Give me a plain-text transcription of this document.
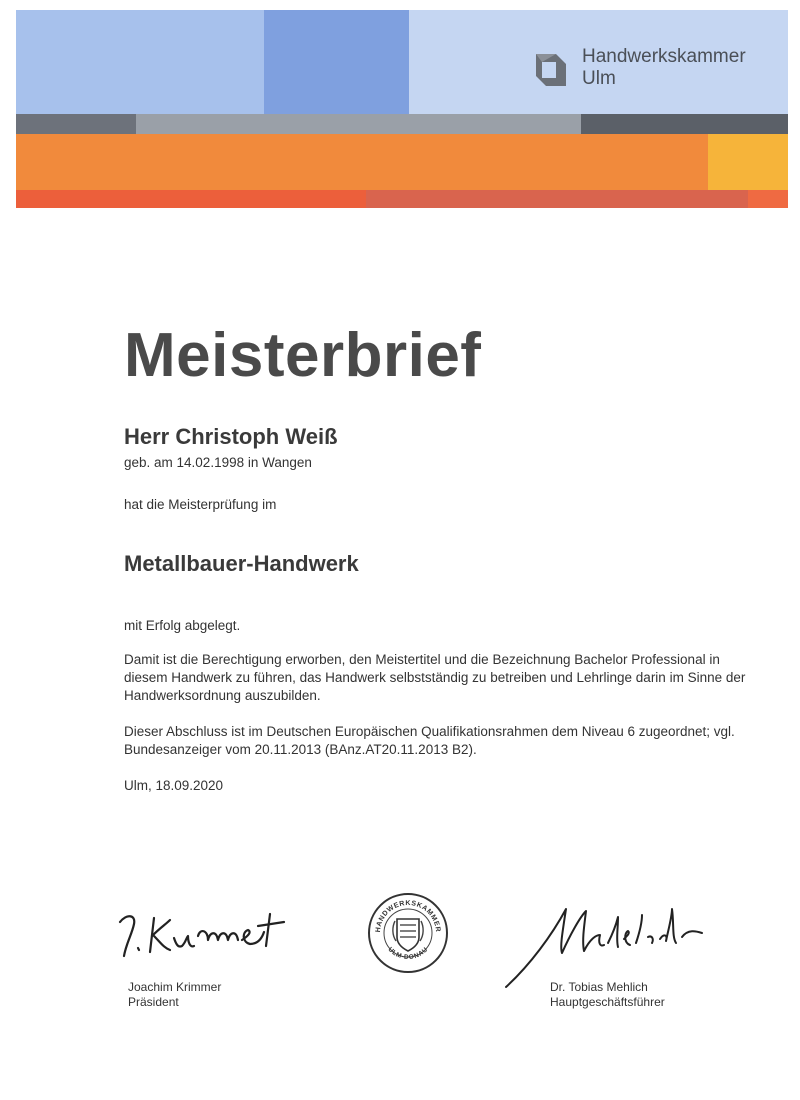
Handwerkskammer
Ulm
Meisterbrief
Herr Christoph Weiß
geb. am 14.02.1998 in Wangen
hat die Meisterprüfung im
Metallbauer-Handwerk
mit Erfolg abgelegt.
Damit ist die Berechtigung erworben, den Meistertitel und die Bezeichnung Bachelor Professional in diesem Handwerk zu führen, das Handwerk selbstständig zu betreiben und Lehrlinge darin im Sinne der Handwerksordnung auszubilden.
Dieser Abschluss ist im Deutschen Europäischen Qualifikationsrahmen dem Niveau 6 zugeordnet; vgl. Bundesanzeiger vom 20.11.2013 (BAnz.AT20.11.2013 B2).
Ulm, 18.09.2020
HANDWERKSKAMMER
ULM-DONAU
Joachim Krimmer
Präsident
Dr. Tobias Mehlich
Hauptgeschäftsführer
